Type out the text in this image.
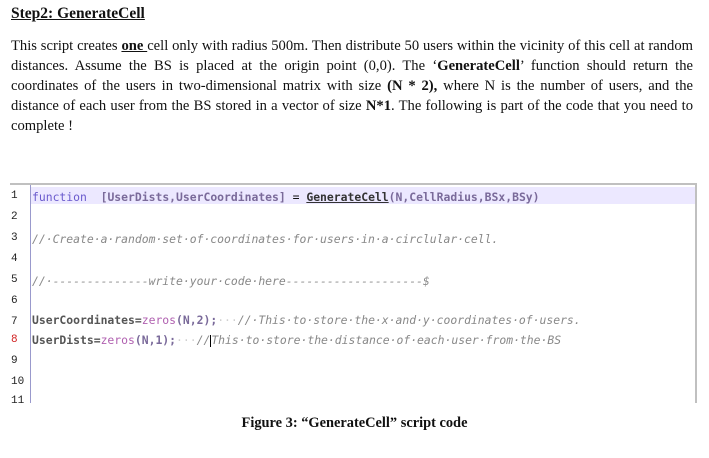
Step2: GenerateCell
This script creates one cell only with radius 500m. Then distribute 50 users within the vicinity of this cell at random distances. Assume the BS is placed at the origin point (0,0). The ‘GenerateCell’ function should return the coordinates of the users in two-dimensional matrix with size (N * 2), where N is the number of users, and the distance of each user from the BS stored in a vector of size N*1. The following is part of the code that you need to complete !
1
2
3
4
5
6
7
8
9
10
11
function [UserDists,UserCoordinates] = GenerateCell(N,CellRadius,BSx,BSy)
//·Create·a·random·set·of·coordinates·for·users·in·a·circlular·cell.
//·--------------write·your·code·here--------------------$
UserCoordinates=zeros(N,2);···//·This·to·store·the·x·and·y·coordinates·of·users.
UserDists=zeros(N,1);···//This·to·store·the·distance·of·each·user·from·the·BS
Figure 3: “GenerateCell” script code
